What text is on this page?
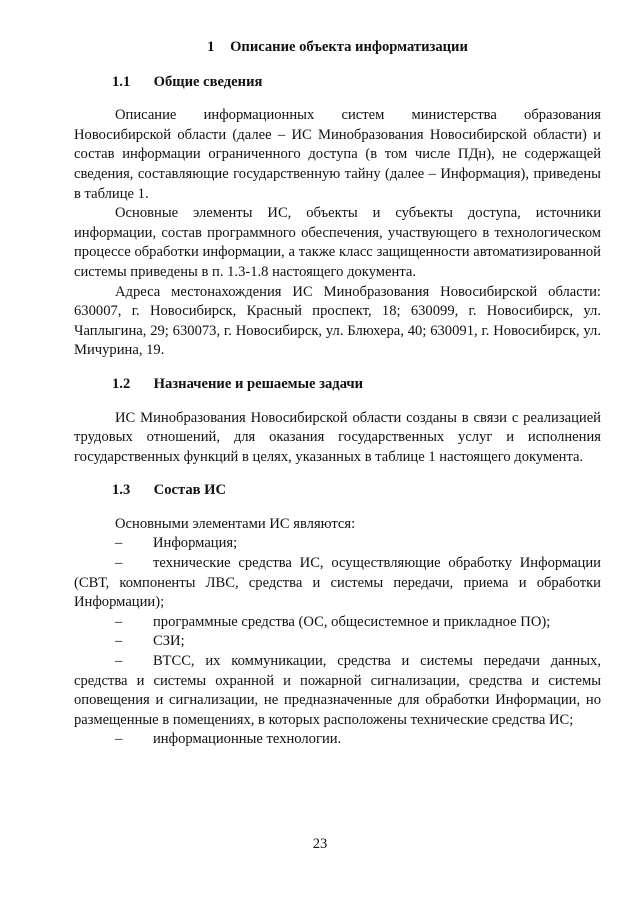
1 Описание объекта информатизации
1.1 Общие сведения

Описание информационных систем министерства образования Новосибирской области (далее – ИС Минобразования Новосибирской области) и состав информации ограниченного доступа (в том числе ПДн), не содержащей сведения, составляющие государственную тайну (далее – Информация), приведены в таблице 1.

Основные элементы ИС, объекты и субъекты доступа, источники информации, состав программного обеспечения, участвующего в технологическом процессе обработки информации, а также класс защищенности автоматизированной системы приведены в п. 1.3-1.8 настоящего документа.

Адреса местонахождения ИС Минобразования Новосибирской области: 630007, г. Новосибирск, Красный проспект, 18; 630099, г. Новосибирск, ул. Чаплыгина, 29; 630073, г. Новосибирск, ул. Блюхера, 40; 630091, г. Новосибирск, ул. Мичурина, 19.

1.2 Назначение и решаемые задачи

ИС Минобразования Новосибирской области созданы в связи с реализацией трудовых отношений, для оказания государственных услуг и исполнения государственных функций в целях, указанных в таблице 1 настоящего документа.

1.3 Состав ИС

Основными элементами ИС являются:

– Информация;

– технические средства ИС, осуществляющие обработку Информации (СВТ, компоненты ЛВС, средства и системы передачи, приема и обработки Информации);

– программные средства (ОС, общесистемное и прикладное ПО);

– СЗИ;

– ВТСС, их коммуникации, средства и системы передачи данных, средства и системы охранной и пожарной сигнализации, средства и системы оповещения и сигнализации, не предназначенные для обработки Информации, но размещенные в помещениях, в которых расположены технические средства ИС;

– информационные технологии.

23
